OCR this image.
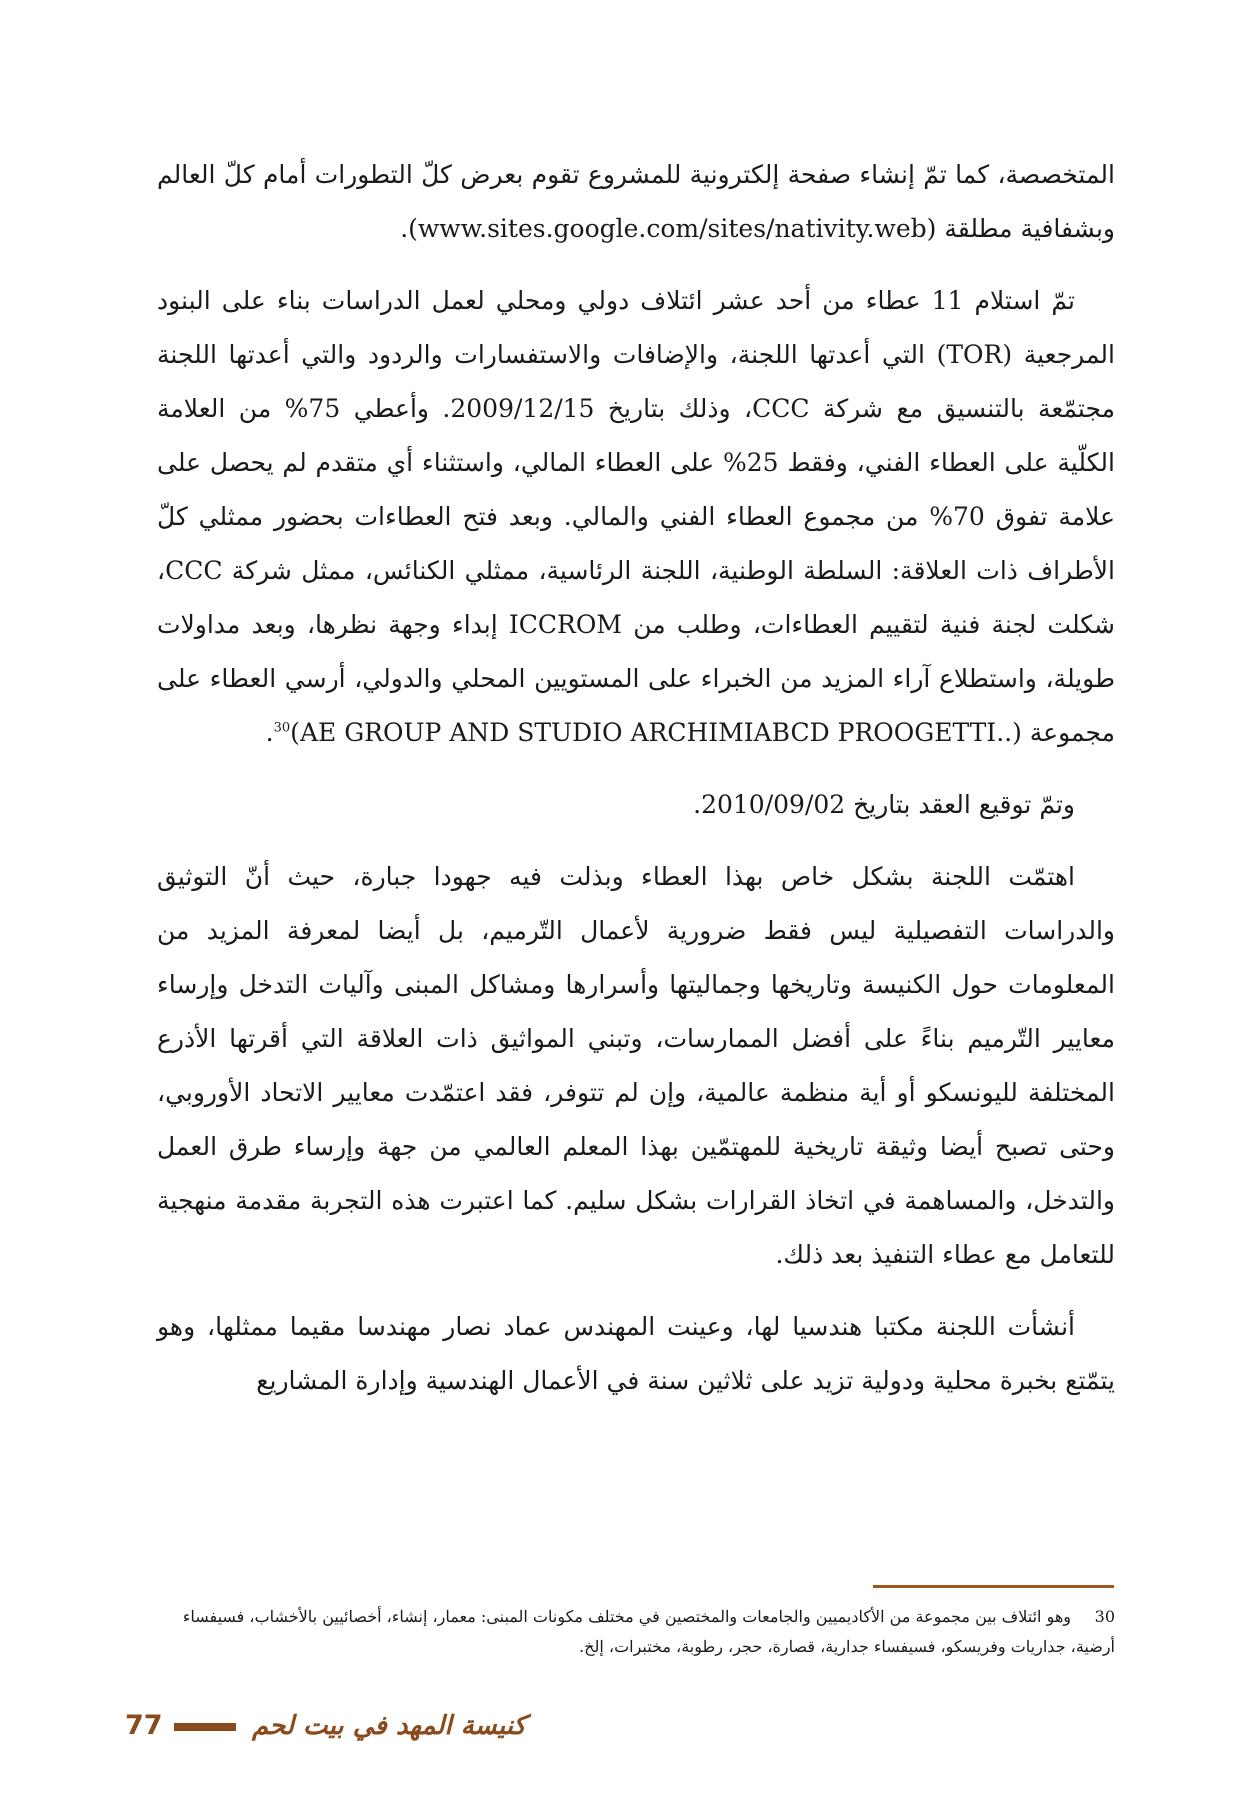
المتخصصة، كما تمّ إنشاء صفحة إلكترونية للمشروع تقوم بعرض كلّ التطورات أمام كلّ العالم وبشفافية مطلقة (www.sites.google.com/sites/nativity.web).

تمّ استلام 11 عطاء من أحد عشر ائتلاف دولي ومحلي لعمل الدراسات بناء على البنود المرجعية (TOR) التي أعدتها اللجنة، والإضافات والاستفسارات والردود والتي أعدتها اللجنة مجتمّعة بالتنسيق مع شركة CCC، وذلك بتاريخ 2009/12/15. وأعطي 75% من العلامة الكلّية على العطاء الفني، وفقط 25% على العطاء المالي، واستثناء أي متقدم لم يحصل على علامة تفوق 70% من مجموع العطاء الفني والمالي. وبعد فتح العطاءات بحضور ممثلي كلّ الأطراف ذات العلاقة: السلطة الوطنية، اللجنة الرئاسية، ممثلي الكنائس، ممثل شركة CCC، شكلت لجنة فنية لتقييم العطاءات، وطلب من ICCROM إبداء وجهة نظرها، وبعد مداولات طويلة، واستطلاع آراء المزيد من الخبراء على المستويين المحلي والدولي، أرسي العطاء على مجموعة (..AE GROUP AND STUDIO ARCHIMIABCD PROOGETTI)$^{30}$.

وتمّ توقيع العقد بتاريخ 2010/09/02.

اهتمّت اللجنة بشكل خاص بهذا العطاء وبذلت فيه جهودا جبارة، حيث أنّ التوثيق والدراسات التفصيلية ليس فقط ضرورية لأعمال التّرميم، بل أيضا لمعرفة المزيد من المعلومات حول الكنيسة وتاريخها وجماليتها وأسرارها ومشاكل المبنى وآليات التدخل وإرساء معايير التّرميم بناءً على أفضل الممارسات، وتبني المواثيق ذات العلاقة التي أقرتها الأذرع المختلفة لليونسكو أو أية منظمة عالمية، وإن لم تتوفر، فقد اعتمّدت معايير الاتحاد الأوروبي، وحتى تصبح أيضا وثيقة تاريخية للمهتمّين بهذا المعلم العالمي من جهة وإرساء طرق العمل والتدخل، والمساهمة في اتخاذ القرارات بشكل سليم. كما اعتبرت هذه التجربة مقدمة منهجية للتعامل مع عطاء التنفيذ بعد ذلك.

أنشأت اللجنة مكتبا هندسيا لها، وعينت المهندس عماد نصار مهندسا مقيما ممثلها، وهو يتمّتع بخبرة محلية ودولية تزيد على ثلاثين سنة في الأعمال الهندسية وإدارة المشاريع

30وهو ائتلاف بين مجموعة من الأكاديميين والجامعات والمختصين في مختلف مكونات المبنى: معمار، إنشاء، أخصائيين بالأخشاب، فسيفساء أرضية، جداريات وفريسكو، فسيفساء جدارية، قصارة، حجر، رطوبة، مختبرات، إلخ.

77	كنيسة المهد في بيت لحم
